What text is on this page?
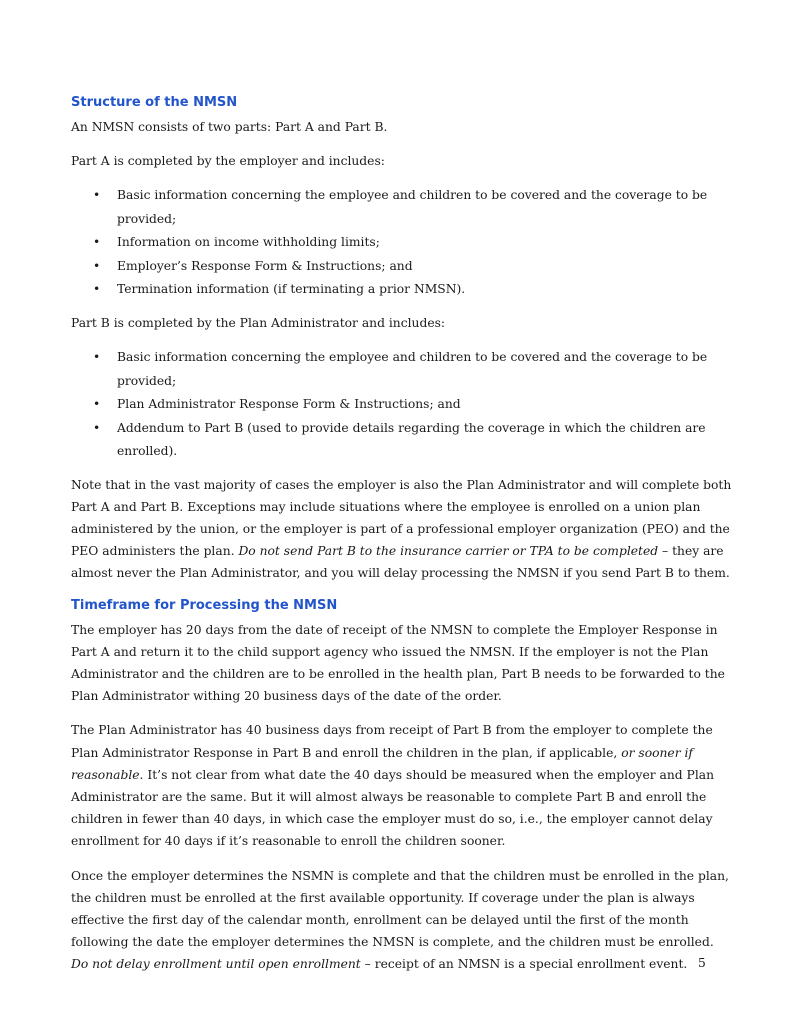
Structure of the NMSN

An NMSN consists of two parts: Part A and Part B.

Part A is completed by the employer and includes:

• Basic information concerning the employee and children to be covered and the coverage to be provided;
• Information on income withholding limits;
• Employer’s Response Form & Instructions; and
• Termination information (if terminating a prior NMSN).

Part B is completed by the Plan Administrator and includes:

• Basic information concerning the employee and children to be covered and the coverage to be provided;
• Plan Administrator Response Form & Instructions; and
• Addendum to Part B (used to provide details regarding the coverage in which the children are enrolled).

Note that in the vast majority of cases the employer is also the Plan Administrator and will complete both Part A and Part B. Exceptions may include situations where the employee is enrolled on a union plan administered by the union, or the employer is part of a professional employer organization (PEO) and the PEO administers the plan. Do not send Part B to the insurance carrier or TPA to be completed – they are almost never the Plan Administrator, and you will delay processing the NMSN if you send Part B to them.

Timeframe for Processing the NMSN

The employer has 20 days from the date of receipt of the NMSN to complete the Employer Response in Part A and return it to the child support agency who issued the NMSN. If the employer is not the Plan Administrator and the children are to be enrolled in the health plan, Part B needs to be forwarded to the Plan Administrator withing 20 business days of the date of the order.

The Plan Administrator has 40 business days from receipt of Part B from the employer to complete the Plan Administrator Response in Part B and enroll the children in the plan, if applicable, or sooner if reasonable. It’s not clear from what date the 40 days should be measured when the employer and Plan Administrator are the same. But it will almost always be reasonable to complete Part B and enroll the children in fewer than 40 days, in which case the employer must do so, i.e., the employer cannot delay enrollment for 40 days if it’s reasonable to enroll the children sooner.

Once the employer determines the NSMN is complete and that the children must be enrolled in the plan, the children must be enrolled at the first available opportunity. If coverage under the plan is always effective the first day of the calendar month, enrollment can be delayed until the first of the month following the date the employer determines the NMSN is complete, and the children must be enrolled. Do not delay enrollment until open enrollment – receipt of an NMSN is a special enrollment event. 5
